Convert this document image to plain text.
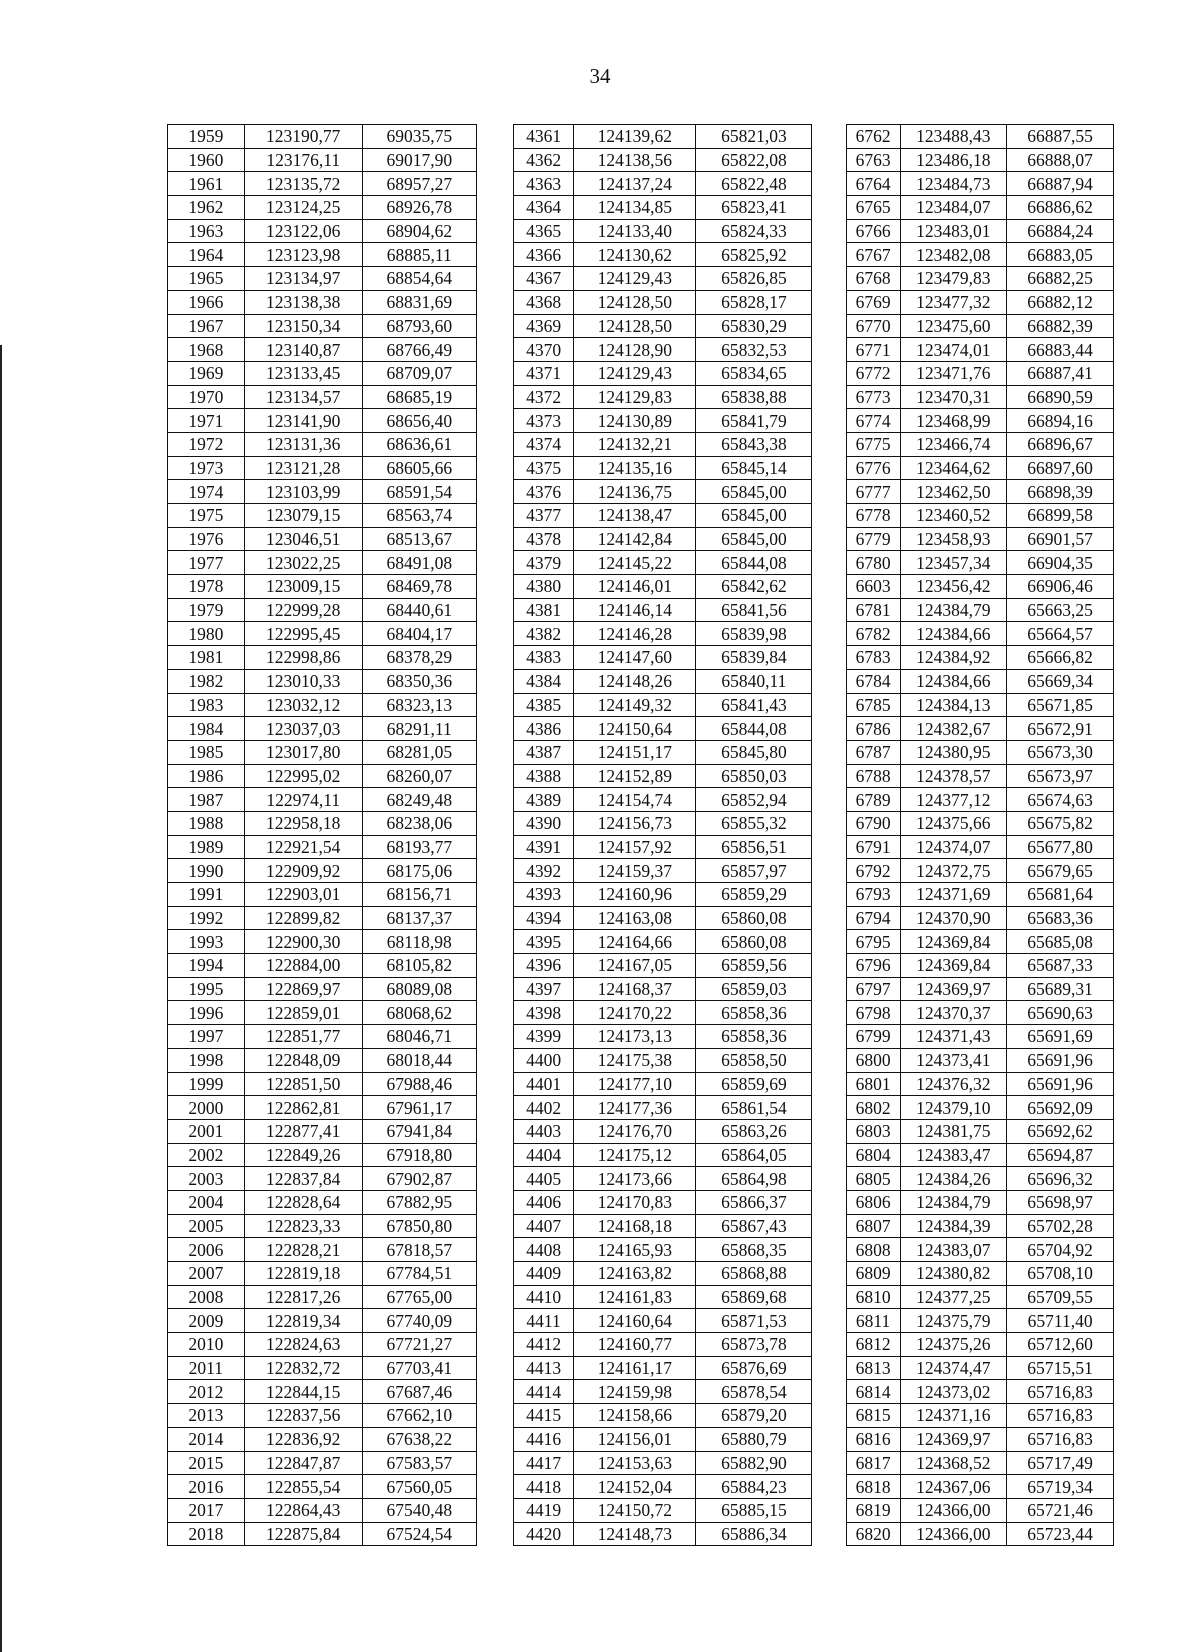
34
1959	123190,77	69035,75		4361	124139,62	65821,03		6762	123488,43	66887,55
1960	123176,11	69017,90		4362	124138,56	65822,08		6763	123486,18	66888,07
1961	123135,72	68957,27		4363	124137,24	65822,48		6764	123484,73	66887,94
1962	123124,25	68926,78		4364	124134,85	65823,41		6765	123484,07	66886,62
1963	123122,06	68904,62		4365	124133,40	65824,33		6766	123483,01	66884,24
1964	123123,98	68885,11		4366	124130,62	65825,92		6767	123482,08	66883,05
1965	123134,97	68854,64		4367	124129,43	65826,85		6768	123479,83	66882,25
1966	123138,38	68831,69		4368	124128,50	65828,17		6769	123477,32	66882,12
1967	123150,34	68793,60		4369	124128,50	65830,29		6770	123475,60	66882,39
1968	123140,87	68766,49		4370	124128,90	65832,53		6771	123474,01	66883,44
1969	123133,45	68709,07		4371	124129,43	65834,65		6772	123471,76	66887,41
1970	123134,57	68685,19		4372	124129,83	65838,88		6773	123470,31	66890,59
1971	123141,90	68656,40		4373	124130,89	65841,79		6774	123468,99	66894,16
1972	123131,36	68636,61		4374	124132,21	65843,38		6775	123466,74	66896,67
1973	123121,28	68605,66		4375	124135,16	65845,14		6776	123464,62	66897,60
1974	123103,99	68591,54		4376	124136,75	65845,00		6777	123462,50	66898,39
1975	123079,15	68563,74		4377	124138,47	65845,00		6778	123460,52	66899,58
1976	123046,51	68513,67		4378	124142,84	65845,00		6779	123458,93	66901,57
1977	123022,25	68491,08		4379	124145,22	65844,08		6780	123457,34	66904,35
1978	123009,15	68469,78		4380	124146,01	65842,62		6603	123456,42	66906,46
1979	122999,28	68440,61		4381	124146,14	65841,56		6781	124384,79	65663,25
1980	122995,45	68404,17		4382	124146,28	65839,98		6782	124384,66	65664,57
1981	122998,86	68378,29		4383	124147,60	65839,84		6783	124384,92	65666,82
1982	123010,33	68350,36		4384	124148,26	65840,11		6784	124384,66	65669,34
1983	123032,12	68323,13		4385	124149,32	65841,43		6785	124384,13	65671,85
1984	123037,03	68291,11		4386	124150,64	65844,08		6786	124382,67	65672,91
1985	123017,80	68281,05		4387	124151,17	65845,80		6787	124380,95	65673,30
1986	122995,02	68260,07		4388	124152,89	65850,03		6788	124378,57	65673,97
1987	122974,11	68249,48		4389	124154,74	65852,94		6789	124377,12	65674,63
1988	122958,18	68238,06		4390	124156,73	65855,32		6790	124375,66	65675,82
1989	122921,54	68193,77		4391	124157,92	65856,51		6791	124374,07	65677,80
1990	122909,92	68175,06		4392	124159,37	65857,97		6792	124372,75	65679,65
1991	122903,01	68156,71		4393	124160,96	65859,29		6793	124371,69	65681,64
1992	122899,82	68137,37		4394	124163,08	65860,08		6794	124370,90	65683,36
1993	122900,30	68118,98		4395	124164,66	65860,08		6795	124369,84	65685,08
1994	122884,00	68105,82		4396	124167,05	65859,56		6796	124369,84	65687,33
1995	122869,97	68089,08		4397	124168,37	65859,03		6797	124369,97	65689,31
1996	122859,01	68068,62		4398	124170,22	65858,36		6798	124370,37	65690,63
1997	122851,77	68046,71		4399	124173,13	65858,36		6799	124371,43	65691,69
1998	122848,09	68018,44		4400	124175,38	65858,50		6800	124373,41	65691,96
1999	122851,50	67988,46		4401	124177,10	65859,69		6801	124376,32	65691,96
2000	122862,81	67961,17		4402	124177,36	65861,54		6802	124379,10	65692,09
2001	122877,41	67941,84		4403	124176,70	65863,26		6803	124381,75	65692,62
2002	122849,26	67918,80		4404	124175,12	65864,05		6804	124383,47	65694,87
2003	122837,84	67902,87		4405	124173,66	65864,98		6805	124384,26	65696,32
2004	122828,64	67882,95		4406	124170,83	65866,37		6806	124384,79	65698,97
2005	122823,33	67850,80		4407	124168,18	65867,43		6807	124384,39	65702,28
2006	122828,21	67818,57		4408	124165,93	65868,35		6808	124383,07	65704,92
2007	122819,18	67784,51		4409	124163,82	65868,88		6809	124380,82	65708,10
2008	122817,26	67765,00		4410	124161,83	65869,68		6810	124377,25	65709,55
2009	122819,34	67740,09		4411	124160,64	65871,53		6811	124375,79	65711,40
2010	122824,63	67721,27		4412	124160,77	65873,78		6812	124375,26	65712,60
2011	122832,72	67703,41		4413	124161,17	65876,69		6813	124374,47	65715,51
2012	122844,15	67687,46		4414	124159,98	65878,54		6814	124373,02	65716,83
2013	122837,56	67662,10		4415	124158,66	65879,20		6815	124371,16	65716,83
2014	122836,92	67638,22		4416	124156,01	65880,79		6816	124369,97	65716,83
2015	122847,87	67583,57		4417	124153,63	65882,90		6817	124368,52	65717,49
2016	122855,54	67560,05		4418	124152,04	65884,23		6818	124367,06	65719,34
2017	122864,43	67540,48		4419	124150,72	65885,15		6819	124366,00	65721,46
2018	122875,84	67524,54		4420	124148,73	65886,34		6820	124366,00	65723,44
